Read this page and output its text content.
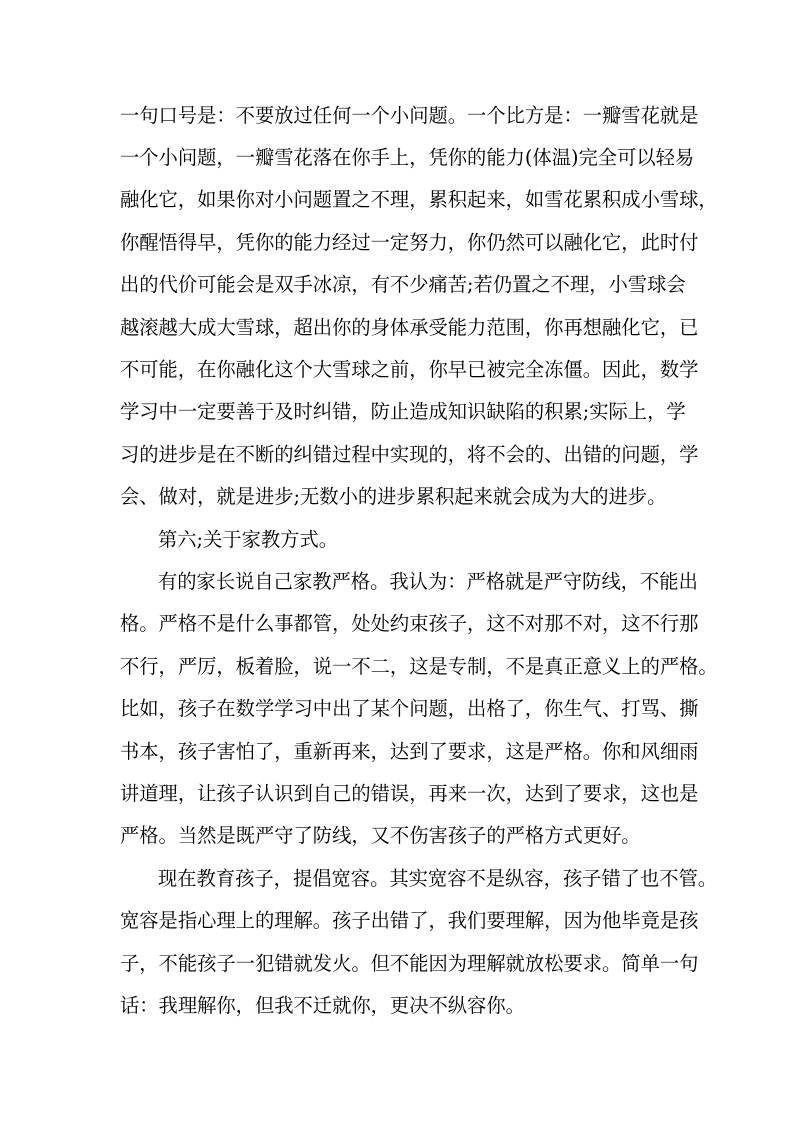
一句口号是：不要放过任何一个小问题。一个比方是：一瓣雪花就是
一个小问题，一瓣雪花落在你手上，凭你的能力(体温)完全可以轻易
融化它，如果你对小问题置之不理，累积起来，如雪花累积成小雪球，
你醒悟得早，凭你的能力经过一定努力，你仍然可以融化它，此时付
出的代价可能会是双手冰凉，有不少痛苦;若仍置之不理，小雪球会
越滚越大成大雪球，超出你的身体承受能力范围，你再想融化它，已
不可能，在你融化这个大雪球之前，你早已被完全冻僵。因此，数学
学习中一定要善于及时纠错，防止造成知识缺陷的积累;实际上，学
习的进步是在不断的纠错过程中实现的，将不会的、出错的问题，学
会、做对，就是进步;无数小的进步累积起来就会成为大的进步。
第六;关于家教方式。
有的家长说自己家教严格。我认为：严格就是严守防线，不能出
格。严格不是什么事都管，处处约束孩子，这不对那不对，这不行那
不行，严厉，板着脸，说一不二，这是专制，不是真正意义上的严格。
比如，孩子在数学学习中出了某个问题，出格了，你生气、打骂、撕
书本，孩子害怕了，重新再来，达到了要求，这是严格。你和风细雨
讲道理，让孩子认识到自己的错误，再来一次，达到了要求，这也是
严格。当然是既严守了防线，又不伤害孩子的严格方式更好。
现在教育孩子，提倡宽容。其实宽容不是纵容，孩子错了也不管。
宽容是指心理上的理解。孩子出错了，我们要理解，因为他毕竟是孩
子，不能孩子一犯错就发火。但不能因为理解就放松要求。简单一句
话：我理解你，但我不迁就你，更决不纵容你。
